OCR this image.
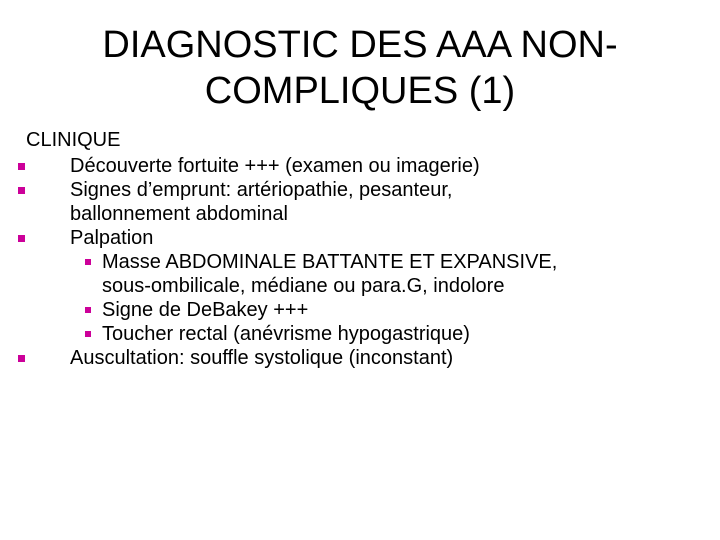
DIAGNOSTIC DES AAA NON-
COMPLIQUES (1)
CLINIQUE
Découverte fortuite +++ (examen ou imagerie)
Signes d’emprunt: artériopathie, pesanteur,
ballonnement abdominal
Palpation
Masse ABDOMINALE BATTANTE ET EXPANSIVE,
sous-ombilicale, médiane ou para.G, indolore
Signe de DeBakey +++
Toucher rectal (anévrisme hypogastrique)
Auscultation: souffle systolique (inconstant)
